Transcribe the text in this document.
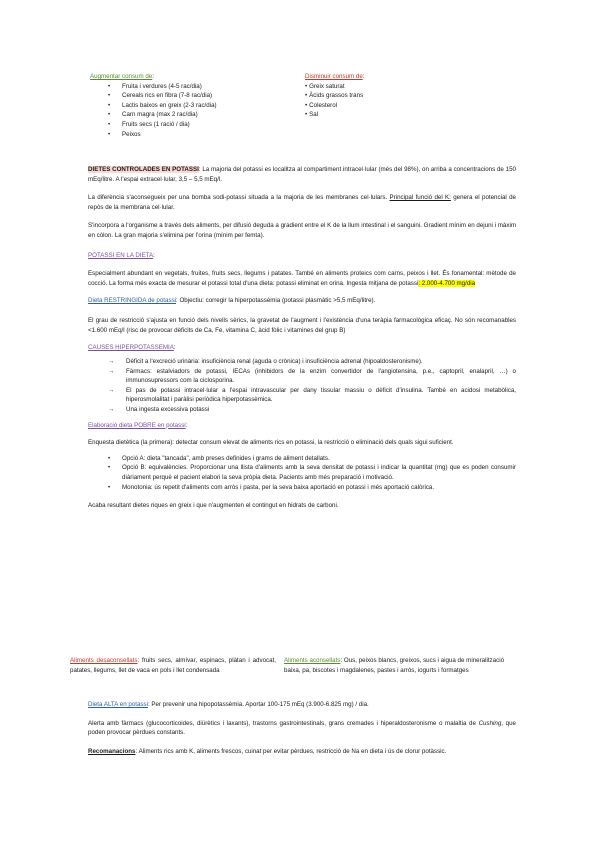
Augmentar consum de:
• Fruita i verdures (4-5 rac/dia)
• Cereals rics en fibra (7-8 rac/dia)
• Lactis baixos en greix (2-3 rac/dia)
• Carn magra (max 2 rac/dia)
• Fruits secs (1 ració / dia)
• Peixos
Disminuir consum de:
• Greix saturat
• Àcids grassos trans
• Colesterol
• Sal

DIETES CONTROLADES EN POTASSI: La majoria del potassi es localitza al compartiment intracel·lular (més del 98%), on arriba a concentracions de 150 mEq/litre. A l'espai extracel·lular, 3,5 – 5,5 mEq/l.

La diferència s'aconsegueix per una bomba sodi-potassi situada a la majoria de les membranes cel·lulars. Principal funció del K: genera el potencial de repòs de la membrana cel·lular.

S'incorpora a l'organisme a través dels aliments, per difusió deguda a gradient entre el K de la llum intestinal i el sanguini. Gradient mínim en dejuni i màxim en còlon. La gran majoria s'elimina per l'orina (mínim per femta).

POTASSI EN LA DIETA:

Especialment abundant en vegetals, fruites, fruits secs, llegums i patates. També en aliments proteics com carns, peixos i llet. És fonamental: mètode de cocció. La forma més exacta de mesurar el potassi total d'una dieta: potassi eliminat en orina. Ingesta mitjana de potassi: 2.000-4.700 mg/dia

Dieta RESTRINGIDA de potassi: Objectiu: corregir la hiperpotassèmia (potassi plasmàtic >5,5 mEq/litre).

El grau de restricció s'ajusta en funció dels nivells sèrics, la gravetat de l'augment i l'existència d'una teràpia farmacològica eficaç. No són recomanables <1.600 mEq/l (risc de provocar dèficits de Ca, Fe, vitamina C, àcid fòlic i vitamines del grup B)

CAUSES HIPERPOTASSEMIA:

→ Dèficit a l'excreció urinària: insuficiència renal (aguda o crònica) i insuficiència adrenal (hipoaldosteronisme).
→ Fàrmacs: estalviadors de potassi, IECAs (inhibidors de la enzim convertidor de l'angiotensina, p.e., captopril, enalapril, …) o immunosupressors com la ciclosporina.
→ El pas de potassi intracel·lular a l'espai intravascular per dany tissular massiu o dèficit d'insulina. També en acidosi metabòlica, hiperosmolalitat i paràlisi periòdica hiperpotassèmica.
→ Una ingesta excessiva potassi

Elaboració dieta POBRE en potassi:

Enquesta dietètica (la primera): detectar consum elevat de aliments rics en potassi, la restricció o eliminació dels quals sigui suficient.

• Opció A: dieta "tancada", amb preses definides i grams de aliment detallats.
• Opció B: equivalències. Proporcionar una llista d'aliments amb la seva densitat de potassi i indicar la quantitat (mg) que es poden consumir diàriament perquè el pacient elabori la seva pròpia dieta. Pacients amb més preparació i motivació.
• Monotonia: ús repetit d'aliments com arròs i pasta, per la seva baixa aportació en potassi i més aportació calòrica.

Acaba resultant dietes riques en greix i que n'augmenten el contingut en hidrats de carboni.

Aliments desaconsellats: fruits secs, almívar, espinacs, plàtan i advocat, patates, llegums, llet de vaca en pols i llet condensada
Aliments aconsellats: Ous, peixos blancs, greixos, sucs i aigua de mineralització baixa, pa, biscotes i magdalenes, pastes i arròs, iogurts i formatges

Dieta ALTA en potassi: Per prevenir una hipopotassèmia. Aportar 100-175 mEq (3.900-6.825 mg) / dia.

Alerta amb fàrmacs (glucocorticoides, diürètics i laxants), trastorns gastrointestinals, grans cremades i hiperaldosteronisme o malaltia de Cushing, que poden provocar pèrdues constants.

Recomanacions: Aliments rics amb K, aliments frescos, cuinat per evitar pèrdues, restricció de Na en dieta i ús de clorur potàssic.
